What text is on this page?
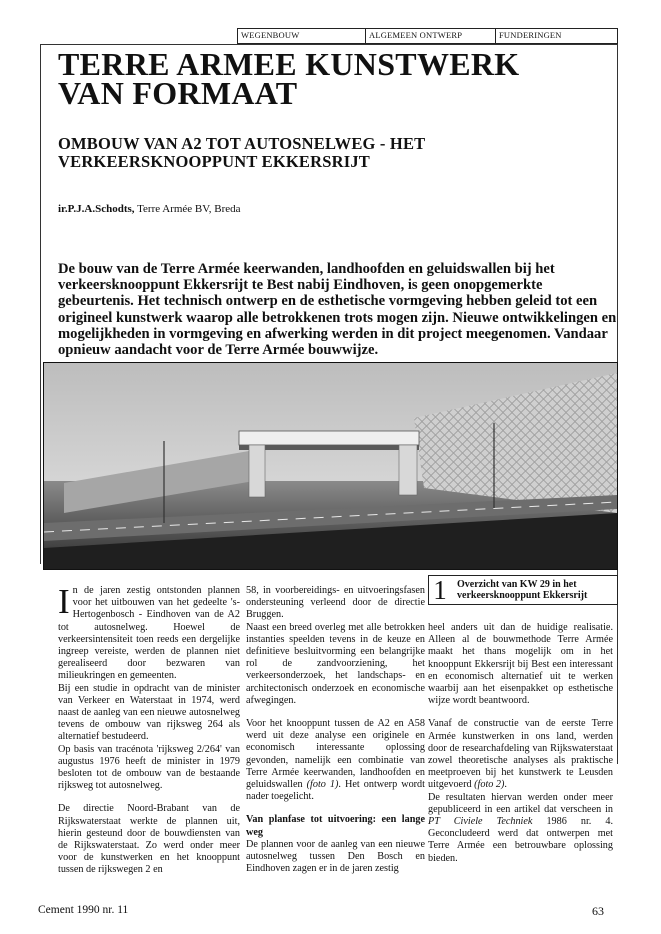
WEGENBOUW	ALGEMEEN ONTWERP	FUNDERINGEN
TERRE ARMEE KUNSTWERK
VAN FORMAAT
OMBOUW VAN A2 TOT AUTOSNELWEG - HET
VERKEERSKNOOPPUNT EKKERSRIJT
ir.P.J.A.Schodts, Terre Armée BV, Breda

De bouw van de Terre Armée keerwanden, landhoofden en geluidswallen bij het verkeersknooppunt Ekkersrijt te Best nabij Eindhoven, is geen onopgemerkte gebeurtenis. Het technisch ontwerp en de esthetische vormgeving hebben geleid tot een origineel kunstwerk waarop alle betrokkenen trots mogen zijn. Nieuwe ontwikkelingen en mogelijkheden in vormgeving en afwerking werden in dit project meegenomen. Vandaar opnieuw aandacht voor de Terre Armée bouwwijze.

1 Overzicht van KW 29 in het
verkeersknooppunt Ekkersrijt

In de jaren zestig ontstonden plannen voor het uitbouwen van het gedeelte 's-Hertogenbosch - Eindhoven van de A2 tot autosnelweg. Hoewel de verkeersintensiteit toen reeds een dergelijke ingreep vereiste, werden de plannen niet gerealiseerd door bezwaren van milieukringen en gemeenten.

Bij een studie in opdracht van de minister van Verkeer en Waterstaat in 1974, werd naast de aanleg van een nieuwe autosnelweg tevens de ombouw van rijksweg 264 als alternatief bestudeerd.

Op basis van tracénota 'rijksweg 2/264' van augustus 1976 heeft de minister in 1979 besloten tot de ombouw van de bestaande rijksweg tot autosnelweg.

De directie Noord-Brabant van de Rijkswaterstaat werkte de plannen uit, hierin gesteund door de bouwdiensten van de Rijkswaterstaat. Zo werd onder meer voor de kunstwerken en het knooppunt tussen de rijkswegen 2 en

58, in voorbereidings- en uitvoeringsfasen ondersteuning verleend door de directie Bruggen.

Naast een breed overleg met alle betrokken instanties speelden tevens in de keuze en definitieve besluitvorming een belangrijke rol de zandvoorziening, het verkeersonderzoek, het landschaps- en architectonisch onderzoek en economische afwegingen.

Voor het knooppunt tussen de A2 en A58 werd uit deze analyse een originele en economisch interessante oplossing gevonden, namelijk een combinatie van Terre Armée keerwanden, landhoofden en geluidswallen (foto 1). Het ontwerp wordt nader toegelicht.

Van planfase tot uitvoering: een lange weg

De plannen voor de aanleg van een nieuwe autosnelweg tussen Den Bosch en Eindhoven zagen er in de jaren zestig

heel anders uit dan de huidige realisatie. Alleen al de bouwmethode Terre Armée maakt het thans mogelijk om in het knooppunt Ekkersrijt bij Best een interessant en economisch alternatief uit te werken waarbij aan het eisenpakket op esthetische wijze wordt beantwoord.

Vanaf de constructie van de eerste Terre Armée kunstwerken in ons land, werden door de researchafdeling van Rijkswaterstaat zowel theoretische analyses als praktische meetproeven bij het kunstwerk te Leusden uitgevoerd (foto 2).

De resultaten hiervan werden onder meer gepubliceerd in een artikel dat verscheen in PT Civiele Techniek 1986 nr. 4. Geconcludeerd werd dat ontwerpen met Terre Armée een betrouwbare oplossing bieden.

Cement 1990 nr. 11	63
